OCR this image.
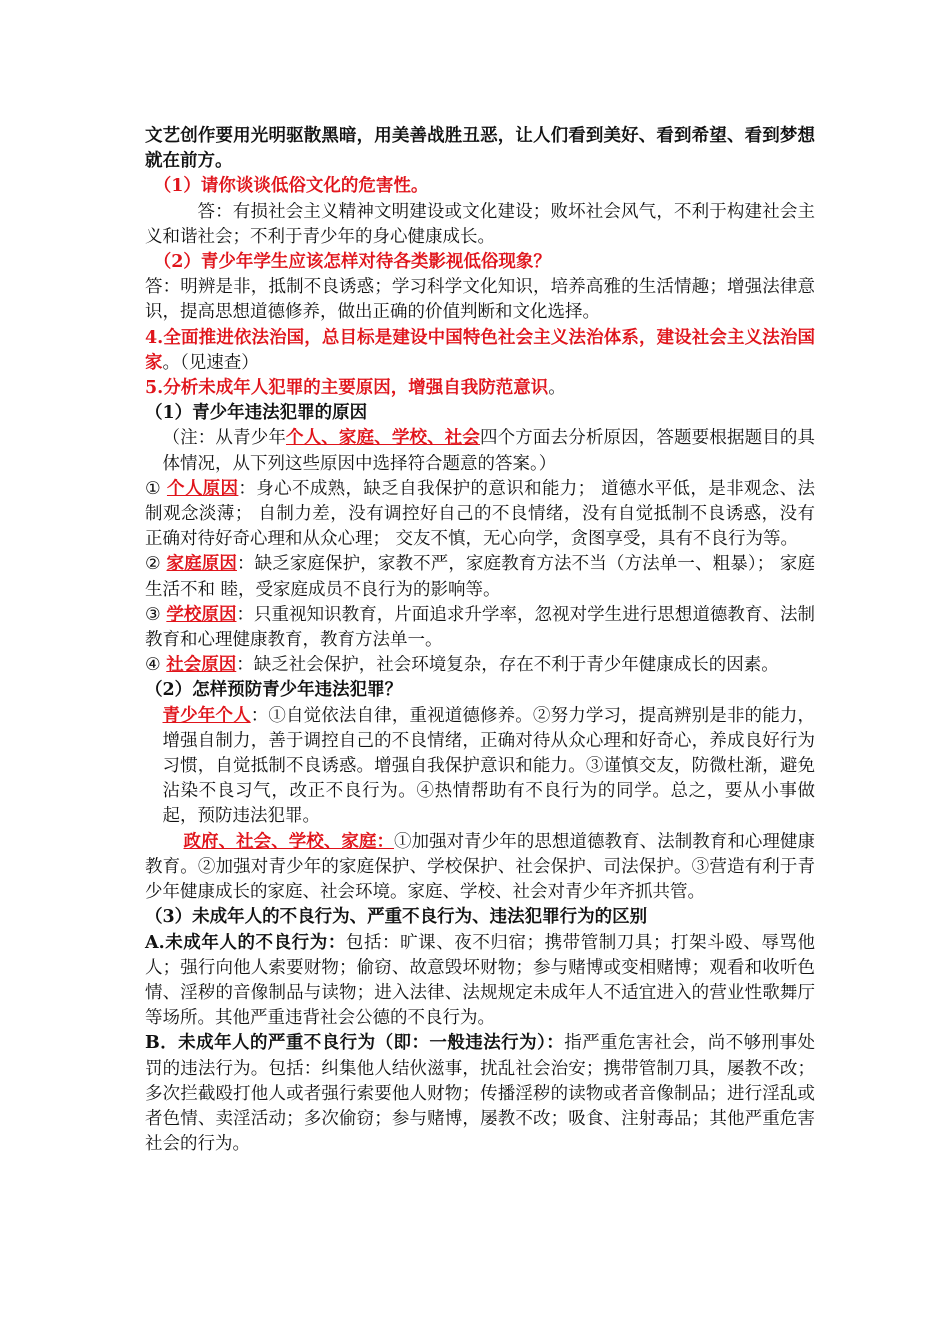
文艺创作要用光明驱散黑暗，用美善战胜丑恶，让人们看到美好、看到希望、看到梦想就在前方。

（1）请你谈谈低俗文化的危害性。

答：有损社会主义精神文明建设或文化建设；败坏社会风气，不利于构建社会主义和谐社会；不利于青少年的身心健康成长。

（2）青少年学生应该怎样对待各类影视低俗现象？

答：明辨是非，抵制不良诱惑；学习科学文化知识，培养高雅的生活情趣；增强法律意识，提高思想道德修养，做出正确的价值判断和文化选择。

4.全面推进依法治国，总目标是建设中国特色社会主义法治体系，建设社会主义法治国家。（见速查）

5.分析未成年人犯罪的主要原因，增强自我防范意识。

（1）青少年违法犯罪的原因

（注：从青少年个人、家庭、学校、社会四个方面去分析原因，答题要根据题目的具体情况，从下列这些原因中选择符合题意的答案。）

① 个人原因：身心不成熟，缺乏自我保护的意识和能力； 道德水平低，是非观念、法制观念淡薄； 自制力差，没有调控好自己的不良情绪，没有自觉抵制不良诱惑，没有正确对待好奇心理和从众心理； 交友不慎，无心向学，贪图享受，具有不良行为等。

② 家庭原因：缺乏家庭保护，家教不严，家庭教育方法不当（方法单一、粗暴）； 家庭生活不和 睦，受家庭成员不良行为的影响等。

③ 学校原因：只重视知识教育，片面追求升学率，忽视对学生进行思想道德教育、法制教育和心理健康教育，教育方法单一。

④ 社会原因：缺乏社会保护，社会环境复杂，存在不利于青少年健康成长的因素。

（2）怎样预防青少年违法犯罪？

青少年个人：①自觉依法自律，重视道德修养。②努力学习，提高辨别是非的能力，增强自制力，善于调控自己的不良情绪，正确对待从众心理和好奇心，养成良好行为习惯，自觉抵制不良诱惑。增强自我保护意识和能力。③谨慎交友，防微杜渐，避免沾染不良习气，改正不良行为。④热情帮助有不良行为的同学。总之，要从小事做起，预防违法犯罪。

政府、社会、学校、家庭：①加强对青少年的思想道德教育、法制教育和心理健康教育。②加强对青少年的家庭保护、学校保护、社会保护、司法保护。③营造有利于青少年健康成长的家庭、社会环境。家庭、学校、社会对青少年齐抓共管。

（3）未成年人的不良行为、严重不良行为、违法犯罪行为的区别

A.未成年人的不良行为：包括：旷课、夜不归宿；携带管制刀具；打架斗殴、辱骂他人；强行向他人索要财物；偷窃、故意毁坏财物；参与赌博或变相赌博；观看和收听色情、淫秽的音像制品与读物；进入法律、法规规定未成年人不适宜进入的营业性歌舞厅等场所。其他严重违背社会公德的不良行为。

B．未成年人的严重不良行为（即：一般违法行为）：指严重危害社会，尚不够刑事处罚的违法行为。包括：纠集他人结伙滋事，扰乱社会治安；携带管制刀具，屡教不改；多次拦截殴打他人或者强行索要他人财物；传播淫秽的读物或者音像制品；进行淫乱或者色情、卖淫活动；多次偷窃；参与赌博，屡教不改；吸食、注射毒品；其他严重危害社会的行为。
